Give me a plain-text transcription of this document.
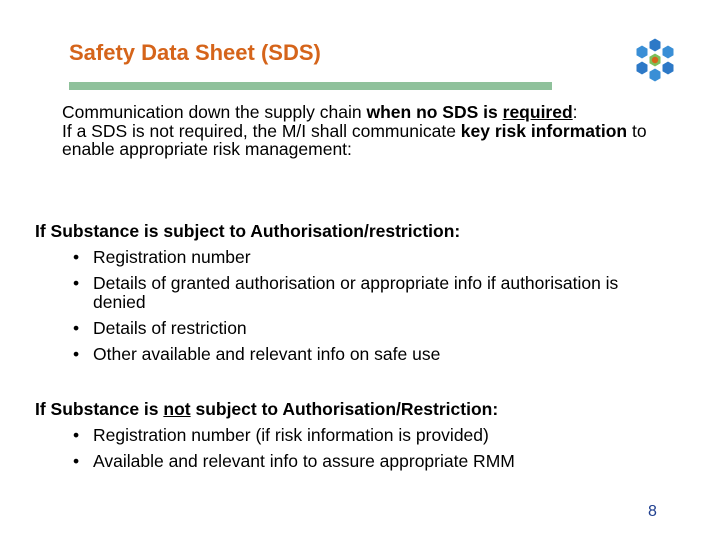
Safety Data Sheet (SDS)

Communication down the supply chain when no SDS is required:

If a SDS is not required, the M/I shall communicate key risk information to enable appropriate risk management:

If Substance is subject to Authorisation/restriction:

• Registration number
• Details of granted authorisation or appropriate info if authorisation is denied
• Details of restriction
• Other available and relevant info on safe use

If Substance is not subject to Authorisation/Restriction:

• Registration number (if risk information is provided)
• Available and relevant info to assure appropriate RMM
8
